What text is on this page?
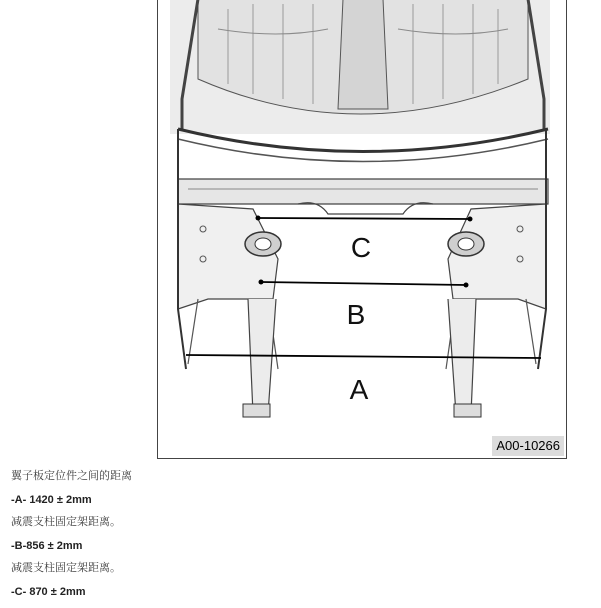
C
B
A
A00-10266

翼子板定位件之间的距离

-A- 1420 ± 2mm

减震支柱固定架距离。

-B-856 ± 2mm

减震支柱固定架距离。

-C- 870 ± 2mm
